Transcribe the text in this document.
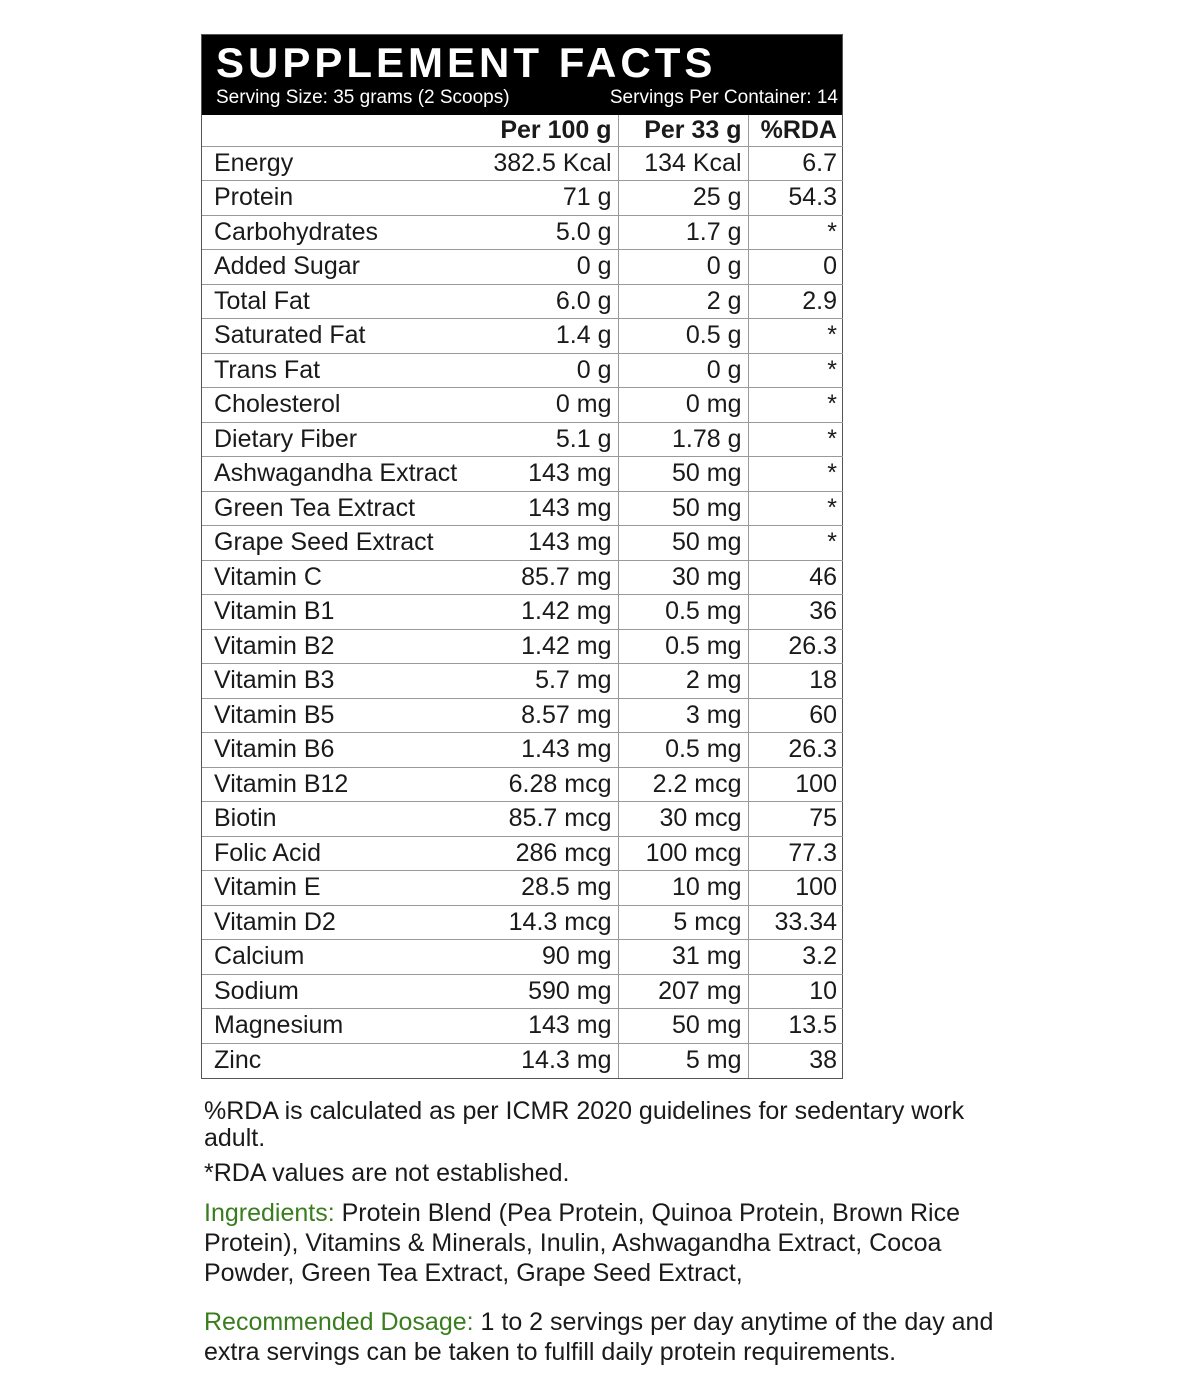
SUPPLEMENT FACTS
Serving Size: 35 grams (2 Scoops)	Servings Per Container: 14
	Per 100 g	Per 33 g	%RDA
Energy	382.5 Kcal	134 Kcal	6.7
Protein	71 g	25 g	54.3
Carbohydrates	5.0 g	1.7 g	*
Added Sugar	0 g	0 g	0
Total Fat	6.0 g	2 g	2.9
Saturated Fat	1.4 g	0.5 g	*
Trans Fat	0 g	0 g	*
Cholesterol	0 mg	0 mg	*
Dietary Fiber	5.1 g	1.78 g	*
Ashwagandha Extract	143 mg	50 mg	*
Green Tea Extract	143 mg	50 mg	*
Grape Seed Extract	143 mg	50 mg	*
Vitamin C	85.7 mg	30 mg	46
Vitamin B1	1.42 mg	0.5 mg	36
Vitamin B2	1.42 mg	0.5 mg	26.3
Vitamin B3	5.7 mg	2 mg	18
Vitamin B5	8.57 mg	3 mg	60
Vitamin B6	1.43 mg	0.5 mg	26.3
Vitamin B12	6.28 mcg	2.2 mcg	100
Biotin	85.7 mcg	30 mcg	75
Folic Acid	286 mcg	100 mcg	77.3
Vitamin E	28.5 mg	10 mg	100
Vitamin D2	14.3 mcg	5 mcg	33.34
Calcium	90 mg	31 mg	3.2
Sodium	590 mg	207 mg	10
Magnesium	143 mg	50 mg	13.5
Zinc	14.3 mg	5 mg	38

%RDA is calculated as per ICMR 2020 guidelines for sedentary work adult.

*RDA values are not established.

Ingredients: Protein Blend (Pea Protein, Quinoa Protein, Brown Rice Protein), Vitamins & Minerals, Inulin, Ashwagandha Extract, Cocoa Powder, Green Tea Extract, Grape Seed Extract,
Recommended Dosage: 1 to 2 servings per day anytime of the day and extra servings can be taken to fulfill daily protein requirements.
